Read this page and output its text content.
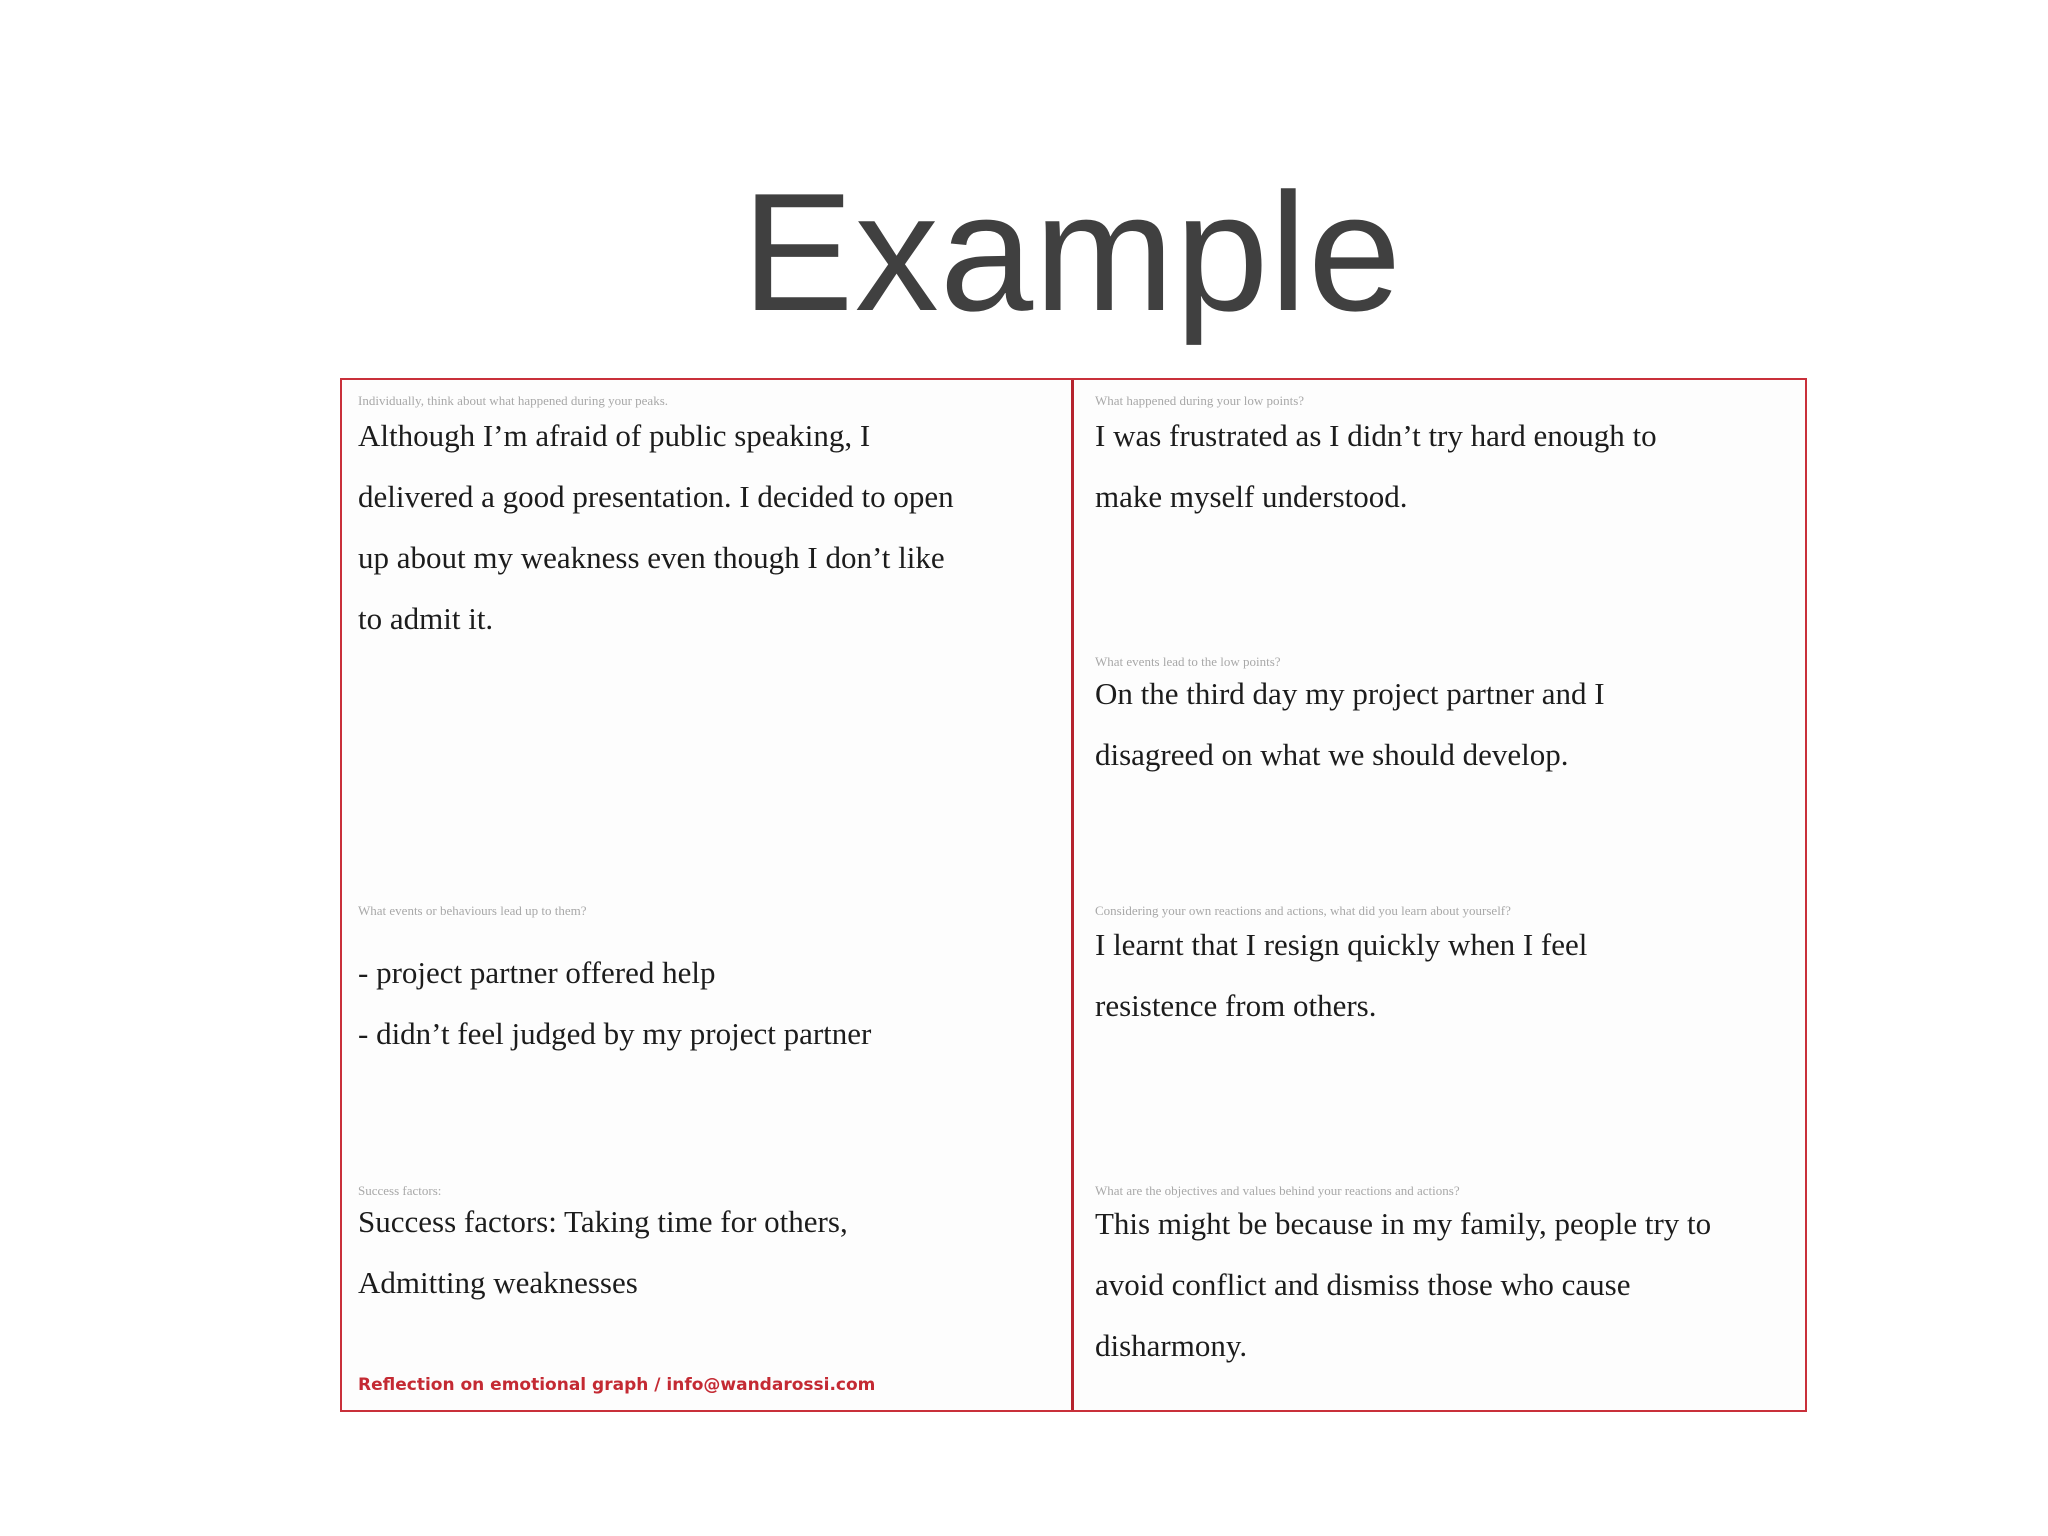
Example
Individually, think about what happened during your peaks.
Although I’m afraid of public speaking, I
delivered a good presentation. I decided to open
up about my weakness even though I don’t like
to admit it.
What events or behaviours lead up to them?
- project partner offered help
- didn’t feel judged by my project partner
Success factors:
Success factors: Taking time for others,
Admitting weaknesses
Reflection on emotional graph / info@wandarossi.com
What happened during your low points?
I was frustrated as I didn’t try hard enough to
make myself understood.
What events lead to the low points?
On the third day my project partner and I
disagreed on what we should develop.
Considering your own reactions and actions, what did you learn about yourself?
I learnt that I resign quickly when I feel
resistence from others.
What are the objectives and values behind your reactions and actions?
This might be because in my family, people try to
avoid conflict and dismiss those who cause
disharmony.
